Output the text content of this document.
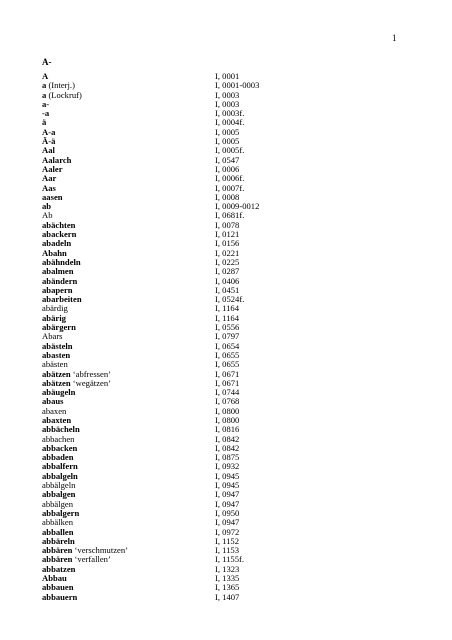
1
A-
A	I, 0001
a (Interj.)	I, 0001-0003
a (Lockruf)	I, 0003
a-	I, 0003
-a	I, 0003f.
ä	I, 0004f.
A-a	I, 0005
Ä-ä	I, 0005
Aal	I, 0005f.
Aalarch	I, 0547
Aaler	I, 0006
Aar	I, 0006f.
Aas	I, 0007f.
aasen	I, 0008
ab	I, 0009-0012
Ab	I, 0681f.
abächten	I, 0078
abackern	I, 0121
abadeln	I, 0156
Abahn	I, 0221
abähndeln	I, 0225
abalmen	I, 0287
abändern	I, 0406
abapern	I, 0451
abarbeiten	I, 0524f.
abärdig	I, 1164
abärig	I, 1164
abärgern	I, 0556
Abars	I, 0797
abästeln	I, 0654
abasten	I, 0655
abästen	I, 0655
abätzen ‘abfressen’	I, 0671
abätzen ‘wegätzen’	I, 0671
abäugeln	I, 0744
abaus	I, 0768
abaxen	I, 0800
abaxten	I, 0800
abbächeln	I, 0816
abbachen	I, 0842
abbacken	I, 0842
abbaden	I, 0875
abbalfern	I, 0932
abbalgeln	I, 0945
abbälgeln	I, 0945
abbalgen	I, 0947
abbälgen	I, 0947
abbalgern	I, 0950
abbälken	I, 0947
abballen	I, 0972
abbäreln	I, 1152
abbären ‘verschmutzen’	I, 1153
abbären ‘verfallen’	I, 1155f.
abbatzen	I, 1323
Abbau	I, 1335
abbauen	I, 1365
abbauern	I, 1407
